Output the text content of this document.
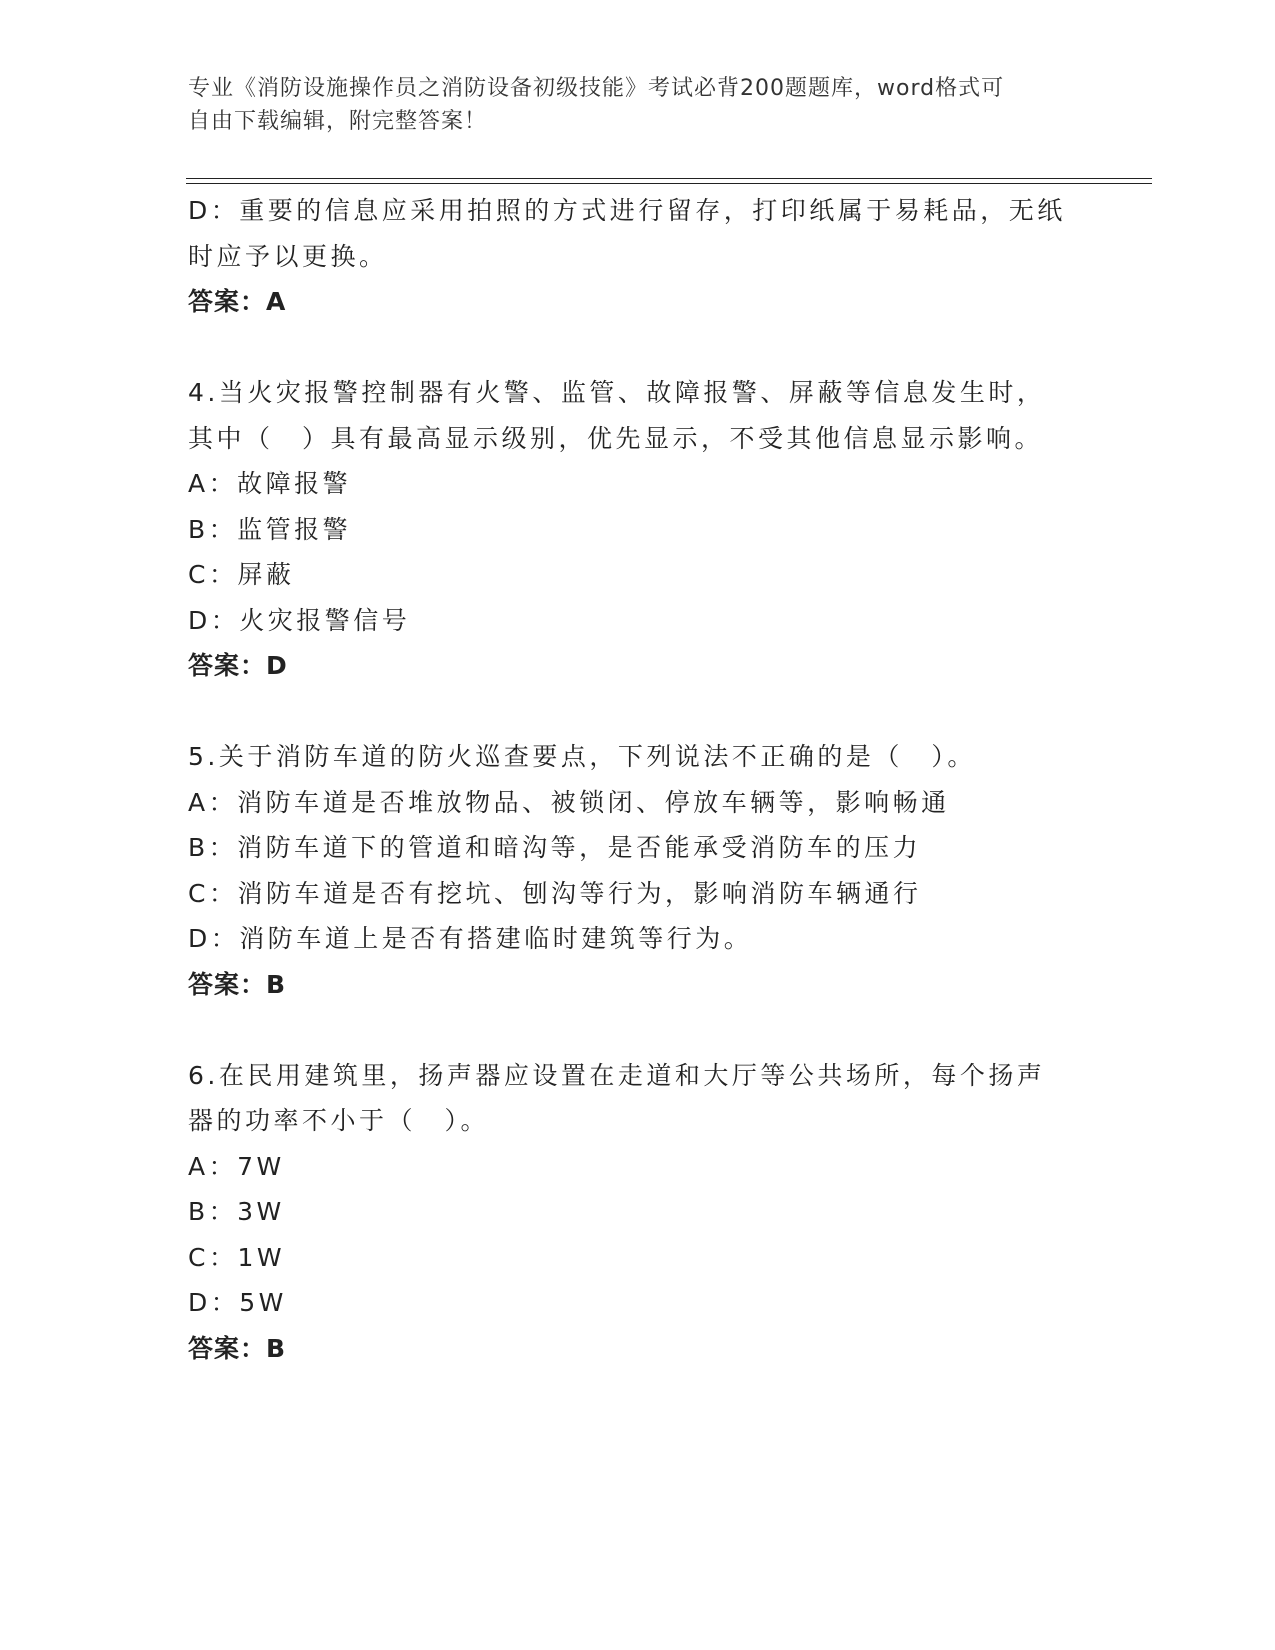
专业《消防设施操作员之消防设备初级技能》考试必背200题题库，word格式可
自由下载编辑，附完整答案！
D：重要的信息应采用拍照的方式进行留存，打印纸属于易耗品，无纸
时应予以更换。
答案：A
4.当火灾报警控制器有火警、监管、故障报警、屏蔽等信息发生时，
其中（　）具有最高显示级别，优先显示，不受其他信息显示影响。
A：故障报警
B：监管报警
C：屏蔽
D：火灾报警信号
答案：D
5.关于消防车道的防火巡查要点，下列说法不正确的是（　）。
A：消防车道是否堆放物品、被锁闭、停放车辆等，影响畅通
B：消防车道下的管道和暗沟等，是否能承受消防车的压力
C：消防车道是否有挖坑、刨沟等行为，影响消防车辆通行
D：消防车道上是否有搭建临时建筑等行为。
答案：B
6.在民用建筑里，扬声器应设置在走道和大厅等公共场所，每个扬声
器的功率不小于（　）。
A：7W
B：3W
C：1W
D：5W
答案：B
